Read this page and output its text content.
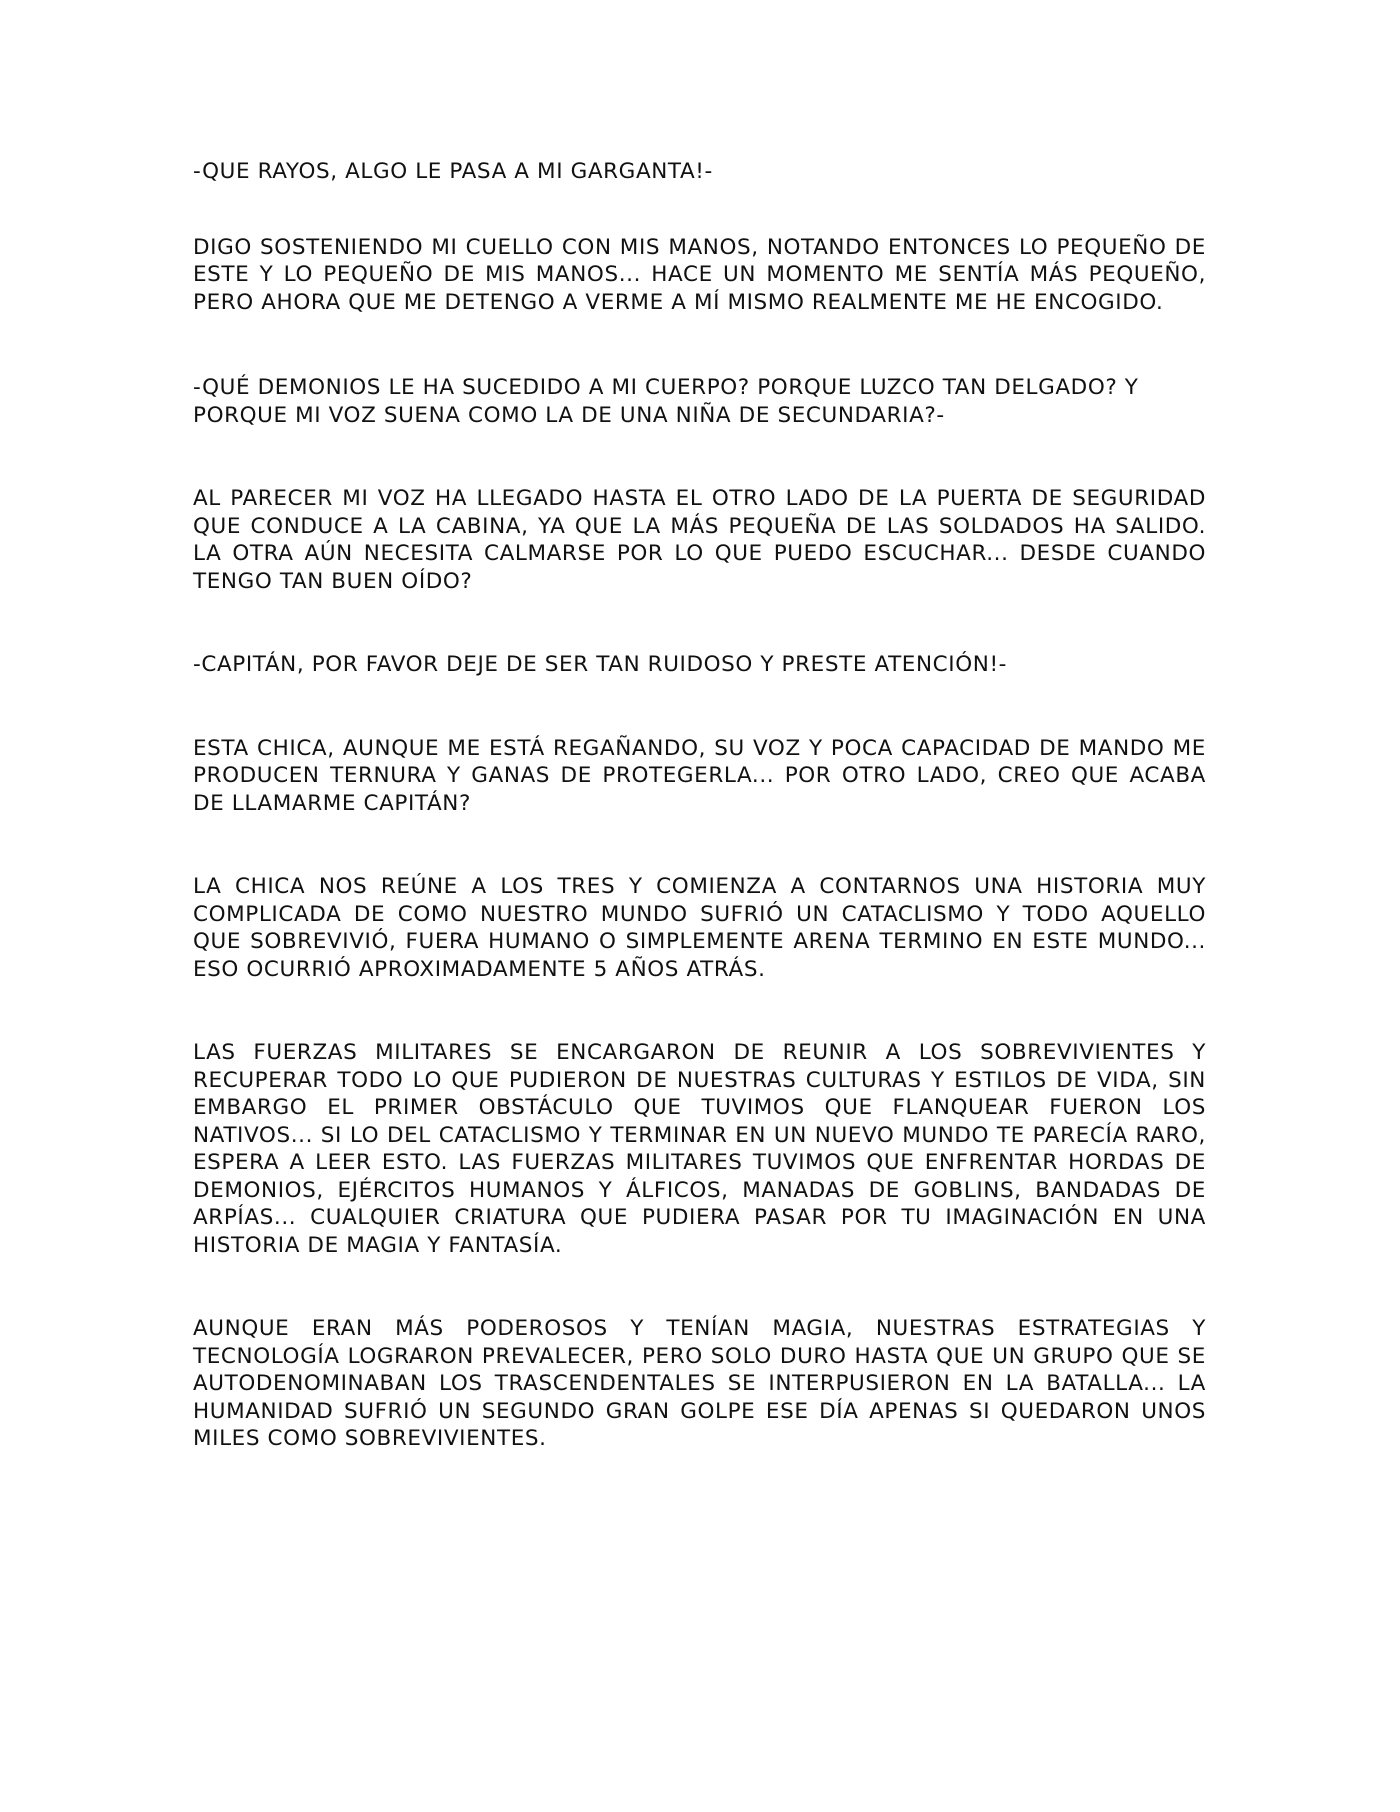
-QUE RAYOS, ALGO LE PASA A MI GARGANTA!-

DIGO SOSTENIENDO MI CUELLO CON MIS MANOS, NOTANDO ENTONCES LO PEQUEÑO DE ESTE Y LO PEQUEÑO DE MIS MANOS... HACE UN MOMENTO ME SENTÍA MÁS PEQUEÑO, PERO AHORA QUE ME DETENGO A VERME A MÍ MISMO REALMENTE ME HE ENCOGIDO.

-QUÉ DEMONIOS LE HA SUCEDIDO A MI CUERPO? PORQUE LUZCO TAN DELGADO? Y PORQUE MI VOZ SUENA COMO LA DE UNA NIÑA DE SECUNDARIA?-

AL PARECER MI VOZ HA LLEGADO HASTA EL OTRO LADO DE LA PUERTA DE SEGURIDAD QUE CONDUCE A LA CABINA, YA QUE LA MÁS PEQUEÑA DE LAS SOLDADOS HA SALIDO. LA OTRA AÚN NECESITA CALMARSE POR LO QUE PUEDO ESCUCHAR... DESDE CUANDO TENGO TAN BUEN OÍDO?

-CAPITÁN, POR FAVOR DEJE DE SER TAN RUIDOSO Y PRESTE ATENCIÓN!-

ESTA CHICA, AUNQUE ME ESTÁ REGAÑANDO, SU VOZ Y POCA CAPACIDAD DE MANDO ME PRODUCEN TERNURA Y GANAS DE PROTEGERLA... POR OTRO LADO, CREO QUE ACABA DE LLAMARME CAPITÁN?

LA CHICA NOS REÚNE A LOS TRES Y COMIENZA A CONTARNOS UNA HISTORIA MUY COMPLICADA DE COMO NUESTRO MUNDO SUFRIÓ UN CATACLISMO Y TODO AQUELLO QUE SOBREVIVIÓ, FUERA HUMANO O SIMPLEMENTE ARENA TERMINO EN ESTE MUNDO... ESO OCURRIÓ APROXIMADAMENTE 5 AÑOS ATRÁS.

LAS FUERZAS MILITARES SE ENCARGARON DE REUNIR A LOS SOBREVIVIENTES Y RECUPERAR TODO LO QUE PUDIERON DE NUESTRAS CULTURAS Y ESTILOS DE VIDA, SIN EMBARGO EL PRIMER OBSTÁCULO QUE TUVIMOS QUE FLANQUEAR FUERON LOS NATIVOS... SI LO DEL CATACLISMO Y TERMINAR EN UN NUEVO MUNDO TE PARECÍA RARO, ESPERA A LEER ESTO. LAS FUERZAS MILITARES TUVIMOS QUE ENFRENTAR HORDAS DE DEMONIOS, EJÉRCITOS HUMANOS Y ÁLFICOS, MANADAS DE GOBLINS, BANDADAS DE ARPÍAS... CUALQUIER CRIATURA QUE PUDIERA PASAR POR TU IMAGINACIÓN EN UNA HISTORIA DE MAGIA Y FANTASÍA.

AUNQUE ERAN MÁS PODEROSOS Y TENÍAN MAGIA, NUESTRAS ESTRATEGIAS Y TECNOLOGÍA LOGRARON PREVALECER, PERO SOLO DURO HASTA QUE UN GRUPO QUE SE AUTODENOMINABAN LOS TRASCENDENTALES SE INTERPUSIERON EN LA BATALLA... LA HUMANIDAD SUFRIÓ UN SEGUNDO GRAN GOLPE ESE DÍA APENAS SI QUEDARON UNOS MILES COMO SOBREVIVIENTES.
